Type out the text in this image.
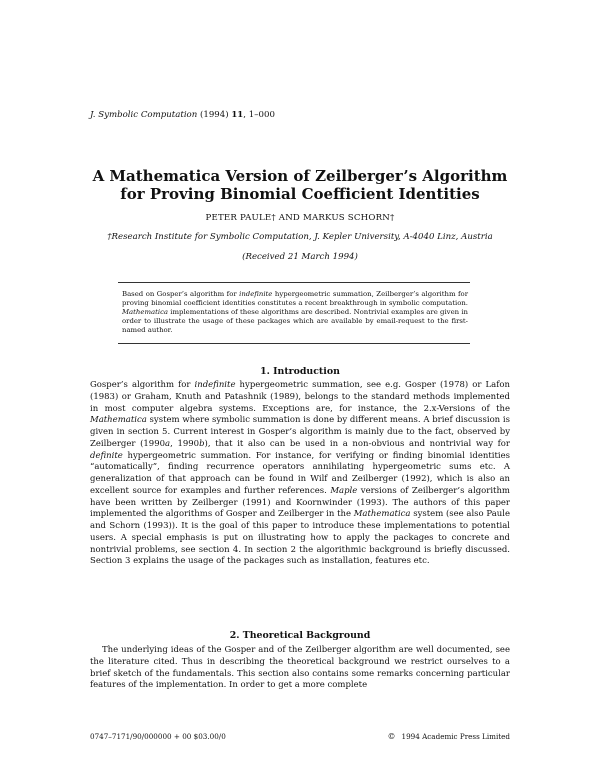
J. Symbolic Computation (1994) 11, 1–000
A Mathematica Version of Zeilberger’s Algorithm
for Proving Binomial Coefficient Identities
PETER PAULE† AND MARKUS SCHORN†
†Research Institute for Symbolic Computation, J. Kepler University, A-4040 Linz, Austria
(Received 21 March 1994)

Based on Gosper’s algorithm for indefinite hypergeometric summation, Zeilberger’s algorithm for proving binomial coefficient identities constitutes a recent breakthrough in symbolic computation. Mathematica implementations of these algorithms are described. Nontrivial examples are given in order to illustrate the usage of these packages which are available by email-request to the first-named author.

1. Introduction

Gosper’s algorithm for indefinite hypergeometric summation, see e.g. Gosper (1978) or Lafon (1983) or Graham, Knuth and Patashnik (1989), belongs to the standard methods implemented in most computer algebra systems. Exceptions are, for instance, the 2.x-Versions of the Mathematica system where symbolic summation is done by different means. A brief discussion is given in section 5. Current interest in Gosper’s algorithm is mainly due to the fact, observed by Zeilberger (1990a, 1990b), that it also can be used in a non-obvious and nontrivial way for definite hypergeometric summation. For instance, for verifying or finding binomial identities “automatically”, finding recurrence operators annihilating hypergeometric sums etc. A generalization of that approach can be found in Wilf and Zeilberger (1992), which is also an excellent source for examples and further references. Maple versions of Zeilberger’s algorithm have been written by Zeilberger (1991) and Koornwinder (1993). The authors of this paper implemented the algorithms of Gosper and Zeilberger in the Mathematica system (see also Paule and Schorn (1993)). It is the goal of this paper to introduce these implementations to potential users. A special emphasis is put on illustrating how to apply the packages to concrete and nontrivial problems, see section 4. In section 2 the algorithmic background is briefly discussed. Section 3 explains the usage of the packages such as installation, features etc.

2. Theoretical Background

The underlying ideas of the Gosper and of the Zeilberger algorithm are well documented, see the literature cited. Thus in describing the theoretical background we restrict ourselves to a brief sketch of the fundamentals. This section also contains some remarks concerning particular features of the implementation. In order to get a more complete

0747–7171/90/000000 + 00 $03.00/0	© 1994 Academic Press Limited
